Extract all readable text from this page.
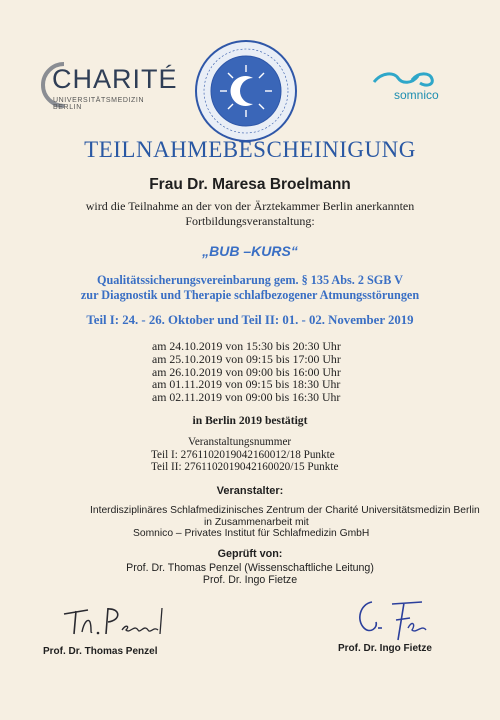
CHARITÉ
UNIVERSITÄTSMEDIZIN BERLIN
somnico
TEILNAHMEBESCHEINIGUNG
Frau Dr. Maresa Broelmann
wird die Teilnahme an der von der Ärztekammer Berlin anerkannten
Fortbildungsveranstaltung:
„BUB –KURS“
Qualitätssicherungsvereinbarung gem. § 135 Abs. 2 SGB V
zur Diagnostik und Therapie schlafbezogener Atmungsstörungen
Teil I: 24. - 26. Oktober und Teil II: 01. - 02. November 2019
am 24.10.2019 von 15:30 bis 20:30 Uhr
am 25.10.2019 von 09:15 bis 17:00 Uhr
am 26.10.2019 von 09:00 bis 16:00 Uhr
am 01.11.2019 von 09:15 bis 18:30 Uhr
am 02.11.2019 von 09:00 bis 16:30 Uhr
in Berlin 2019 bestätigt
Veranstaltungsnummer
Teil I: 2761102019042160012/18 Punkte
Teil II: 2761102019042160020/15 Punkte
Veranstalter:
Interdisziplinäres Schlafmedizinisches Zentrum der Charité Universitätsmedizin Berlin
in Zusammenarbeit mit
Somnico – Privates Institut für Schlafmedizin GmbH
Geprüft von:
Prof. Dr. Thomas Penzel (Wissenschaftliche Leitung)
Prof. Dr. Ingo Fietze
Prof. Dr. Thomas Penzel	Prof. Dr. Ingo Fietze
